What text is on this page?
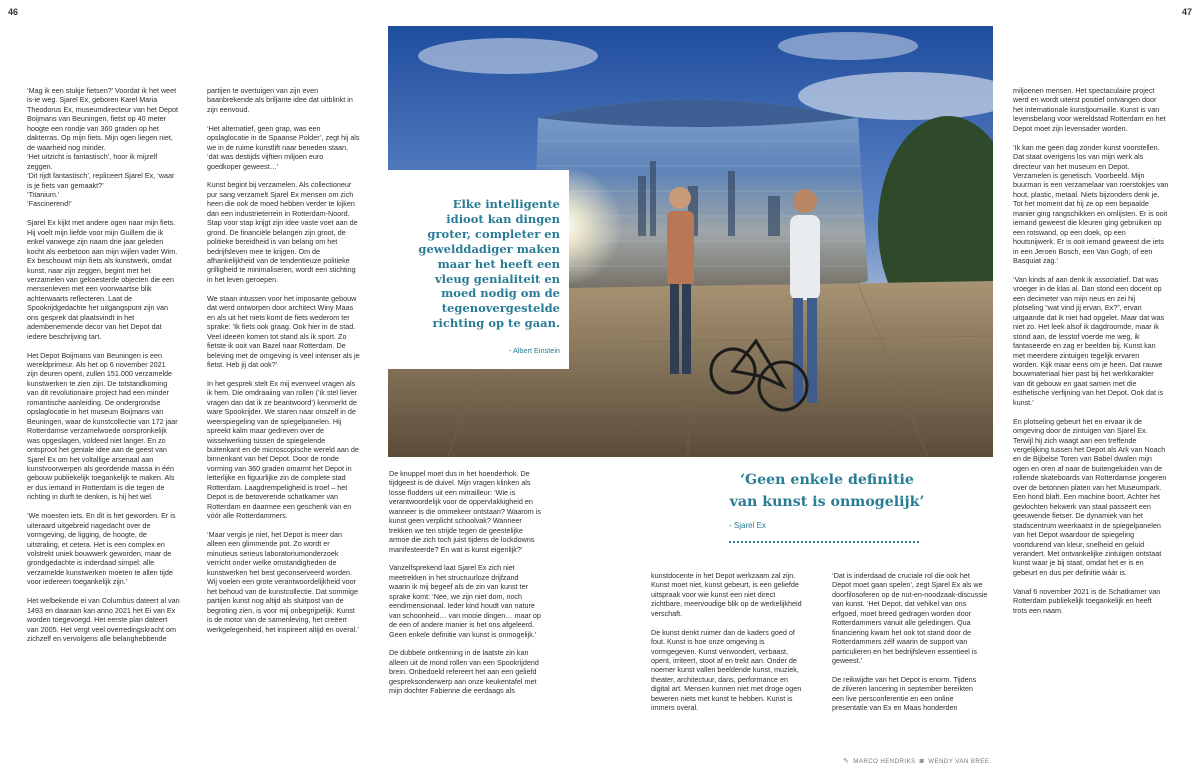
46	47

‘Mag ik een stukje fietsen?’ Voordat ik het weet
is-ie weg. Sjarel Ex, geboren Karel Maria
Theodorus Ex, museumdirecteur van het Depot
Boijmans van Beuningen, fietst op 40 meter
hoogte een rondje van 360 graden op het
dakterras. Op mijn fiets. Mijn ogen liegen niet,
de waarheid nog minder.
‘Het uitzicht is fantastisch’, hoor ik mijzelf
zeggen.
‘Dit rijdt fantastisch’, repliceert Sjarel Ex, ‘waar
is je fiets van gemaakt?’
‘Titanium.’
‘Fascinerend!’

Sjarel Ex kijkt met andere ogen naar mijn fiets.
Hij voelt mijn liefde voor mijn Guillem die ik
enkel vanwege zijn naam drie jaar geleden
kocht als eerbetoon aan mijn wijlen vader Wim.
Ex beschouwt mijn fiets als kunstwerk, omdat
kunst, naar zijn zeggen, begint met het
verzamelen van gekoesterde objecten die een
mensenleven met een voorwaartse blik
achterwaarts reflecteren. Laat de
Spookrijdgedachte het uitgangspunt zijn van
ons gesprek dat plaatsvindt in het
adembenemende decor van het Depot dat
iedere beschrijving tart.

Het Depot Boijmans van Beuningen is een
wereldprimeur. Als het op 6 november 2021
zijn deuren opent, zullen 151.000 verzamelde
kunstwerken te zien zijn. De totstandkoming
van dit revolutionaire project had een minder
romantische aanleiding. De ondergrondse
opslaglocatie in het museum Boijmans van
Beuningen, waar de kunstcollectie van 172 jaar
Rotterdamse verzamelwoede oorspronkelijk
was opgeslagen, voldeed niet langer. En zo
ontsproot het geniale idee aan de geest van
Sjarel Ex om het voltallige arsenaal aan
kunstvoorwerpen als geordende massa in één
gebouw publiekelijk toegankelijk te maken. Als
er dus iemand in Rotterdam is die tegen de
richting in durft te denken, is hij het wel.

‘We moesten iets. En dit is het geworden. Er is
uiteraard uitgebreid nagedacht over de
vormgeving, de ligging, de hoogte, de
uitstraling, et cetera. Het is een complex en
volstrekt uniek bouwwerk geworden, maar de
grondgedachte is inderdaad simpel: alle
verzamelde kunstwerken moeten te allen tijde
voor iedereen toegankelijk zijn.’

Het welbekende ei van Columbus dateert al van
1493 en daaraan kan anno 2021 het Ei van Ex
worden toegevoegd. Het eerste plan dateert
van 2005. Het vergt veel overredingskracht om
zichzelf en vervolgens alle belanghebbende

partijen te overtuigen van zijn even
baanbrekende als briljante idee dat uitblinkt in
zijn eenvoud.

‘Het alternatief, geen grap, was een
opslaglocatie in de Spaanse Polder’, zegt hij als
we in de ruime kunstlift naar beneden staan,
‘dat was destijds vijftien miljoen euro
goedkoper geweest…’

Kunst begint bij verzamelen. Als collectioneur
pur sang verzamelt Sjarel Ex mensen om zich
heen die ook de moed hebben verder te kijken
dan een industrieterrein in Rotterdam-Noord.
Stap voor stap krijgt zijn idee vaste voet aan de
grond. De financiële belangen zijn groot, de
politieke bereidheid is van belang om het
bedrijfsleven mee te krijgen. Om de
afhankelijkheid van de tendentieuze politieke
grilligheid te minimaliseren, wordt een stichting
in het leven geroepen.

We staan intussen voor het imposante gebouw
dat werd ontworpen door architect Winy Maas
en als uit het niets komt de fiets wederom ter
sprake: ‘Ik fiets ook graag. Ook hier in de stad.
Veel ideeën komen tot stand als ik sport. Zo
fietste ik ooit van Bazel naar Rotterdam. De
beleving met de omgeving is veel intenser als je
fietst. Heb jij dat ook?’

In het gesprek stelt Ex mij evenveel vragen als
ik hem. Die omdraaiing van rollen (‘ik stel liever
vragen dan dat ik ze beantwoord’) kenmerkt de
ware Spookrijder. We staren naar onszelf in de
weerspiegeling van de spiegelpanelen. Hij
spreekt kalm maar gedreven over de
wisselwerking tussen de spiegelende
buitenkant en de microscopische wereld aan de
binnenkant van het Depot. Door de ronde
vorming van 360 graden omarmt het Depot in
letterlijke en figuurlijke zin de complete stad
Rotterdam. Laagdrempeligheid is troef – het
Depot is de betoverende schatkamer van
Rotterdam en daarmee een geschenk van en
vóór alle Rotterdammers.

‘Maar vergis je niet, het Depot is meer dan
alleen een glimmende pot. Zo wordt er
minutieus serieus laboratoriumonderzoek
verricht onder welke omstandigheden de
kunstwerken het best geconserveerd worden.
Wij voelen een grote verantwoordelijkheid voor
het behoud van de kunstcollectie. Dat sommige
partijen kunst nog altijd als sluitpost van de
begroting zien, is voor mij onbegrijpelijk. Kunst
is de motor van de samenleving, het creëert
werkgelegenheid, het inspireert altijd en overal.’

Elke intelligente
idioot kan dingen
groter, completer en
gewelddadiger maken
maar het heeft een
vleug genialiteit en
moed nodig om de
tegenovergestelde
richting op te gaan.
- Albert Einstein

De knuppel moet dus in het hoenderhok. De
tijdgeest is de duivel. Mijn vragen klinken als
losse flodders uit een mitrailleur: ‘Wie is
verantwoordelijk voor de oppervlakkigheid en
wanneer is die ommekeer ontstaan? Waarom is
kunst geen verplicht schoolvak? Wanneer
trekken we ten strijde tegen de geestelijke
armoe die zich toch juist tijdens de lockdowns
manifesteerde? En wat is kunst eigenlijk?’

Vanzelfsprekend laat Sjarel Ex zich niet
meetrekken in het structuurloze drijfzand
waarin ik mij begeef als de zin van kunst ter
sprake komt: ‘Nee, we zijn niet dom, noch
eendimensionaal. Ieder kind houdt van nature
van schoonheid… van mooie dingen… maar op
de een of andere manier is het ons afgeleerd.
Geen enkele definitie van kunst is onmogelijk.’

De dubbele ontkenning in de laatste zin kan
alleen uit de mond rollen van een Spookrijdend
brein. Onbedoeld refereert het aan een geliefd
gespreksonderwerp aan onze keukentafel met
mijn dochter Fabienne die eerdaags als

‘Geen enkele definitie
van kunst is onmogelijk’
- Sjarel Ex

kunstdocente in het Depot werkzaam zal zijn.
Kunst moet niet, kunst gebeurt, is een geliefde
uitspraak voor wie kunst een niet direct
zichtbare, meervoudige blik op de werkelijkheid
verschaft.

De kunst denkt ruimer dan de kaders goed of
fout. Kunst is hoe onze omgeving is
vormgegeven. Kunst verwondert, verbaast,
opent, irriteert, stoot af en trekt aan. Onder de
noemer kunst vallen beeldende kunst, muziek,
theater, architectuur, dans, performance en
digital art. Mensen kunnen niet met droge ogen
beweren niets met kunst te hebben. Kunst is
immers overal.

‘Dat is inderdaad de cruciale rol die ook het
Depot moet gaan spelen’, zegt Sjarel Ex als we
doorfilosoferen op de nut-en-noodzaak-discussie
van kunst. ‘Het Depot, dat vehikel van ons
erfgoed, moet breed gedragen worden door
Rotterdammers vanuit alle geledingen. Qua
financiering kwam het ook tot stand door de
Rotterdammers zélf waarin de support van
particulieren en het bedrijfsleven essentieel is
geweest.’

De reikwijdte van het Depot is enorm. Tijdens
de zilveren lancering in september bereikten
een live persconferentie en een online
presentatie van Ex en Maas honderden

miljoenen mensen. Het spectaculaire project
werd en wordt uiterst positief ontvangen door
het internationale kunstjournaille. Kunst is van
levensbelang voor wereldstad Rotterdam en het
Depot moet zijn levensader worden.

‘Ik kan me geen dag zonder kunst voorstellen.
Dat staat overigens los van mijn werk als
directeur van het museum en Depot.
Verzamelen is genetisch. Voorbeeld. Mijn
buurman is een verzamelaar van roerstokjes van
hout, plastic, metaal. Niets bijzonders denk je.
Tot het moment dat hij ze op een bepaalde
manier ging rangschikken en omlijsten. Er is ooit
iemand geweest die kleuren ging gebruiken op
een rotswand, op een doek, op een
houtsnijwerk. Er is ooit iemand geweest die iets
in een Jeroen Bosch, een Van Gogh, of een
Basquiat zag.’

‘Van kinds af aan denk ik associatief. Dat was
vroeger in de klas al. Dan stond een docent op
een decimeter van mijn neus en zei hij
plotseling “wat vind jij ervan, Ex?”, ervan
uitgaande dat ik niet had opgelet. Maar dat was
niet zo. Het leek alsof ik dagdroomde, maar ik
stond aan, de lesstof voerde me weg, ik
fantaseerde en zag er beelden bij. Kunst kan
met meerdere zintuigen tegelijk ervaren
worden. Kijk maar eens om je heen. Dat rauwe
bouwmateriaal hier past bij het werkkarakter
van dit gebouw en gaat samen met die
esthetische verfijning van het Depot. Ook dat is
kunst.’

En plotseling gebeurt het en ervaar ik de
omgeving door de zintuigen van Sjarel Ex.
Terwijl hij zich waagt aan een treffende
vergelijking tussen het Depot als Ark van Noach
en de Bijbelse Toren van Babel dwalen mijn
ogen en oren af naar de buitengeluiden van de
rollende skateboards van Rotterdamse jongeren
over de betonnen platen van het Museumpark.
Een hond blaft. Een machine boort. Achter het
gevlochten hekwerk van staal passeert een
geeuwende fietser. De dynamiek van het
stadscentrum weerkaatst in de spiegelpanelen
van het Depot waardoor de spiegeling
voortdurend van kleur, snelheid en geluid
verandert. Met ontvankelijke zintuigen ontstaat
kunst waar je bij staat, omdat het er is en
gebeurt en dus per definitie wáár is.

Vanaf 6 november 2021 is de Schatkamer van
Rotterdam publiekelijk toegankelijk en heeft
trots een naam.

✎ MARCO HENDRIKS ◙ WENDY VAN BREE
